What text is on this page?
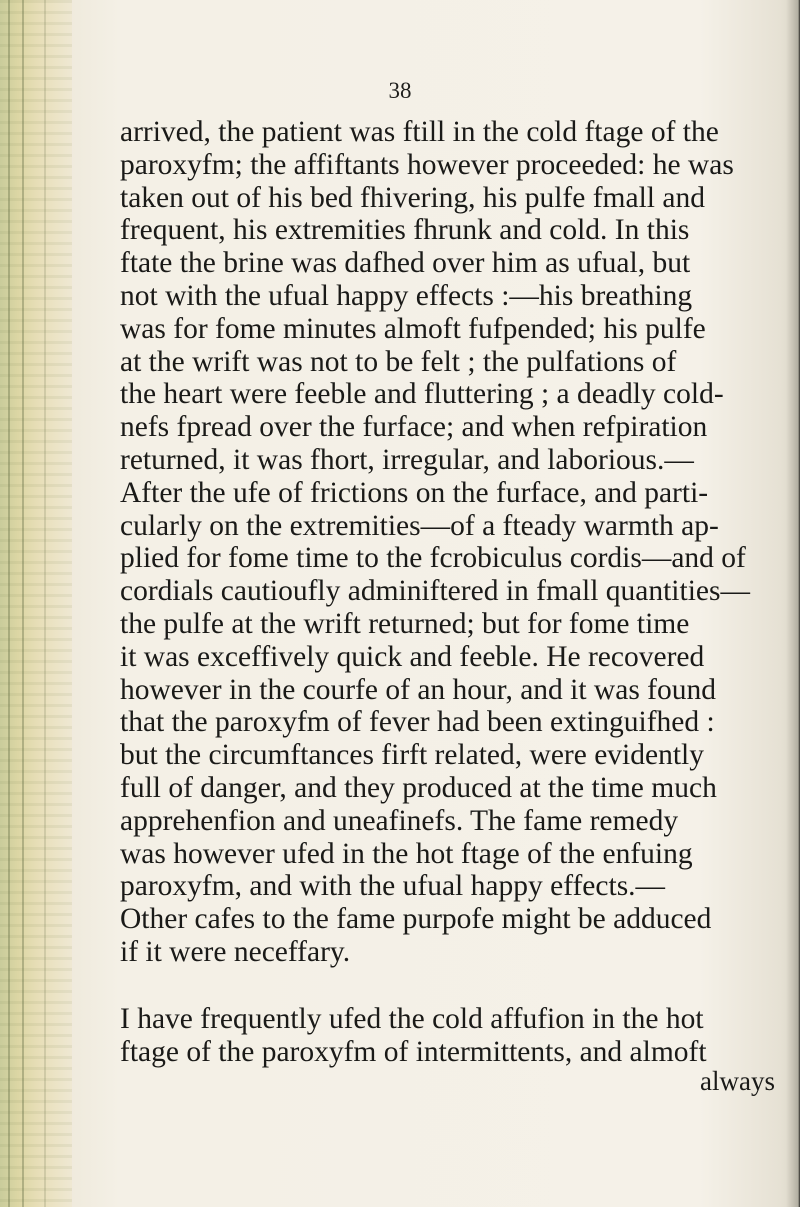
38
arrived, the patient was ftill in the cold ftage of the
paroxyfm; the affiftants however proceeded: he was
taken out of his bed fhivering, his pulfe fmall and
frequent, his extremities fhrunk and cold. In this
ftate the brine was dafhed over him as ufual, but
not with the ufual happy effects :—his breathing
was for fome minutes almoft fufpended; his pulfe
at the wrift was not to be felt ; the pulfations of
the heart were feeble and fluttering ; a deadly cold-
nefs fpread over the furface; and when refpiration
returned, it was fhort, irregular, and laborious.—
After the ufe of frictions on the furface, and parti-
cularly on the extremities—of a fteady warmth ap-
plied for fome time to the fcrobiculus cordis—and of
cordials cautioufly adminiftered in fmall quantities—
the pulfe at the wrift returned; but for fome time
it was exceffively quick and feeble. He recovered
however in the courfe of an hour, and it was found
that the paroxyfm of fever had been extinguifhed :
but the circumftances firft related, were evidently
full of danger, and they produced at the time much
apprehenfion and uneafinefs. The fame remedy
was however ufed in the hot ftage of the enfuing
paroxyfm, and with the ufual happy effects.—
Other cafes to the fame purpofe might be adduced
if it were neceffary.
I have frequently ufed the cold affufion in the hot
ftage of the paroxyfm of intermittents, and almoft
always
